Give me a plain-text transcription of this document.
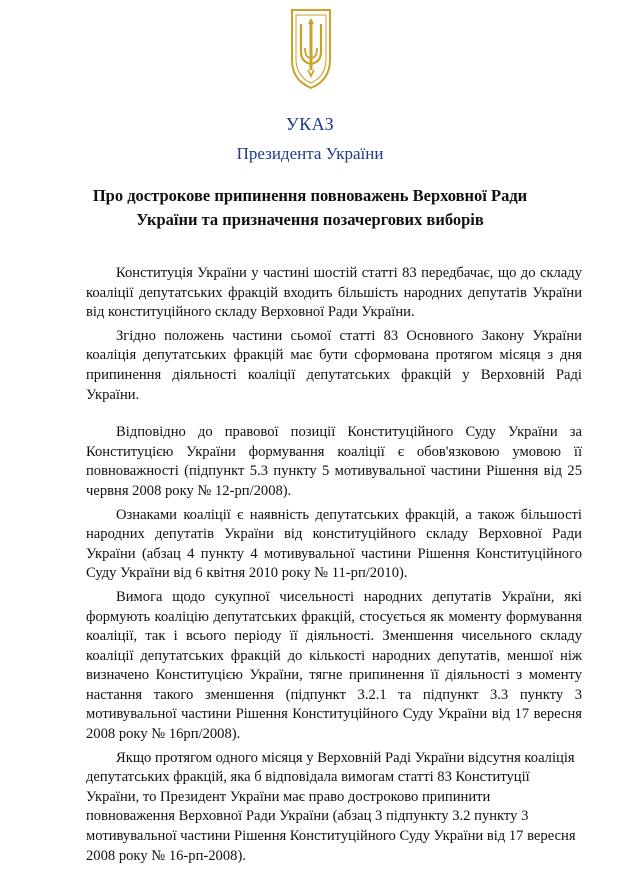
УКАЗ
Президента України
Про дострокове припинення повноважень Верховної Ради
України та призначення позачергових виборів

Конституція України у частині шостій статті 83 передбачає, що до складу коаліції депутатських фракцій входить більшість народних депутатів України від конституційного складу Верховної Ради України.

Згідно положень частини сьомої статті 83 Основного Закону України коаліція депутатських фракцій має бути сформована протягом місяця з дня припинення діяльності коаліції депутатських фракцій у Верховній Раді України.

Відповідно до правової позиції Конституційного Суду України за Конституцією України формування коаліції є обов'язковою умовою її повноважності (підпункт 5.3 пункту 5 мотивувальної частини Рішення від 25 червня 2008 року № 12-рп/2008).

Ознаками коаліції є наявність депутатських фракцій, а також більшості народних депутатів України від конституційного складу Верховної Ради України (абзац 4 пункту 4 мотивувальної частини Рішення Конституційного Суду України від 6 квітня 2010 року № 11-рп/2010).

Вимога щодо сукупної чисельності народних депутатів України, які формують коаліцію депутатських фракцій, стосується як моменту формування коаліції, так і всього періоду її діяльності. Зменшення чисельного складу коаліції депутатських фракцій до кількості народних депутатів, меншої ніж визначено Конституцією України, тягне припинення її діяльності з моменту настання такого зменшення (підпункт 3.2.1 та підпункт 3.3 пункту 3 мотивувальної частини Рішення Конституційного Суду України від 17 вересня 2008 року № 16рп/2008).

Якщо протягом одного місяця у Верховній Раді України відсутня коаліція депутатських фракцій, яка б відповідала вимогам статті 83 Конституції України, то Президент України має право достроково припинити повноваження Верховної Ради України (абзац 3 підпункту 3.2 пункту 3 мотивувальної частини Рішення Конституційного Суду України від 17 вересня 2008 року № 16-рп-2008).
